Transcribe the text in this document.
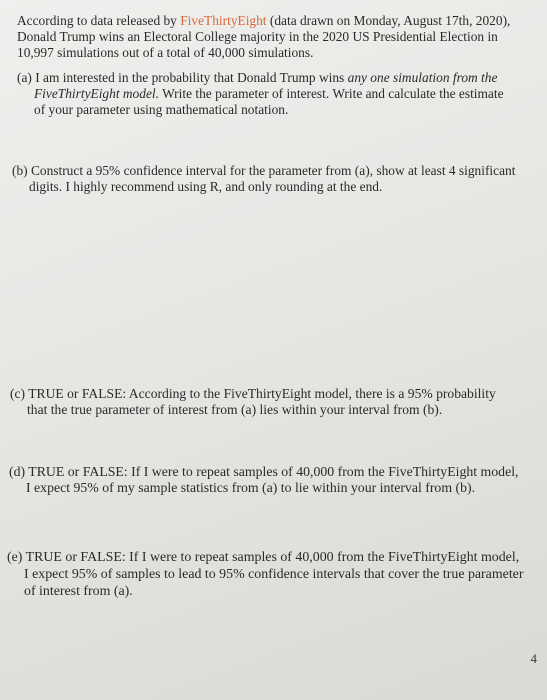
According to data released by FiveThirtyEight (data drawn on Monday, August 17th, 2020),
Donald Trump wins an Electoral College majority in the 2020 US Presidential Election in
10,997 simulations out of a total of 40,000 simulations.
(a) I am interested in the probability that Donald Trump wins any one simulation from the
FiveThirtyEight model. Write the parameter of interest. Write and calculate the estimate
of your parameter using mathematical notation.
(b) Construct a 95% confidence interval for the parameter from (a), show at least 4 significant
digits. I highly recommend using R, and only rounding at the end.
(c) TRUE or FALSE: According to the FiveThirtyEight model, there is a 95% probability
that the true parameter of interest from (a) lies within your interval from (b).
(d) TRUE or FALSE: If I were to repeat samples of 40,000 from the FiveThirtyEight model,
I expect 95% of my sample statistics from (a) to lie within your interval from (b).
(e) TRUE or FALSE: If I were to repeat samples of 40,000 from the FiveThirtyEight model,
I expect 95% of samples to lead to 95% confidence intervals that cover the true parameter
of interest from (a).
4
